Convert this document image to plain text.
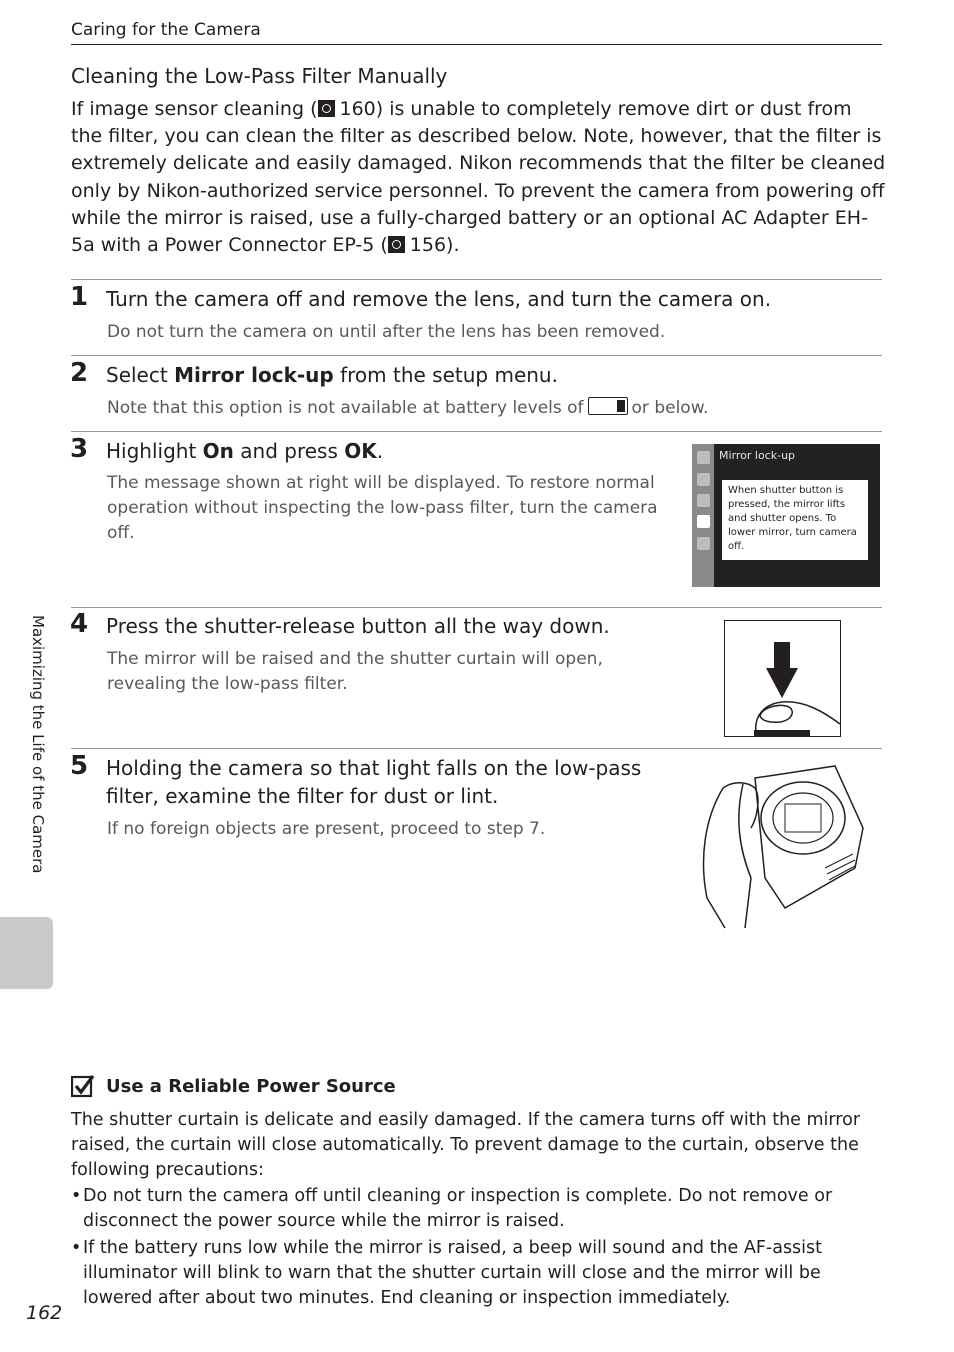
Caring for the Camera
Cleaning the Low-Pass Filter Manually
If image sensor cleaning ( 160) is unable to completely remove dirt or dust from the filter, you can clean the filter as described below. Note, however, that the filter is extremely delicate and easily damaged. Nikon recommends that the filter be cleaned only by Nikon-authorized service personnel. To prevent the camera from powering off while the mirror is raised, use a fully-charged battery or an optional AC Adapter EH-5a with a Power Connector EP-5 ( 156).
1 Turn the camera off and remove the lens, and turn the camera on.
Do not turn the camera on until after the lens has been removed.
2 Select Mirror lock-up from the setup menu.
Note that this option is not available at battery levels of	or below.
3 Highlight On and press OK.
The message shown at right will be displayed. To restore normal operation without inspecting the low-pass filter, turn the camera off.
Mirror lock-up
When shutter button is pressed, the mirror lifts and shutter opens. To lower mirror, turn camera off.
4 Press the shutter-release button all the way down.
The mirror will be raised and the shutter curtain will open, revealing the low-pass filter.
5 Holding the camera so that light falls on the low-pass filter, examine the filter for dust or lint.
If no foreign objects are present, proceed to step 7.
Maximizing the Life of the Camera
Use a Reliable Power Source
The shutter curtain is delicate and easily damaged. If the camera turns off with the mirror raised, the curtain will close automatically. To prevent damage to the curtain, observe the following precautions:
• Do not turn the camera off until cleaning or inspection is complete. Do not remove or disconnect the power source while the mirror is raised.
• If the battery runs low while the mirror is raised, a beep will sound and the AF-assist illuminator will blink to warn that the shutter curtain will close and the mirror will be lowered after about two minutes. End cleaning or inspection immediately.
162
